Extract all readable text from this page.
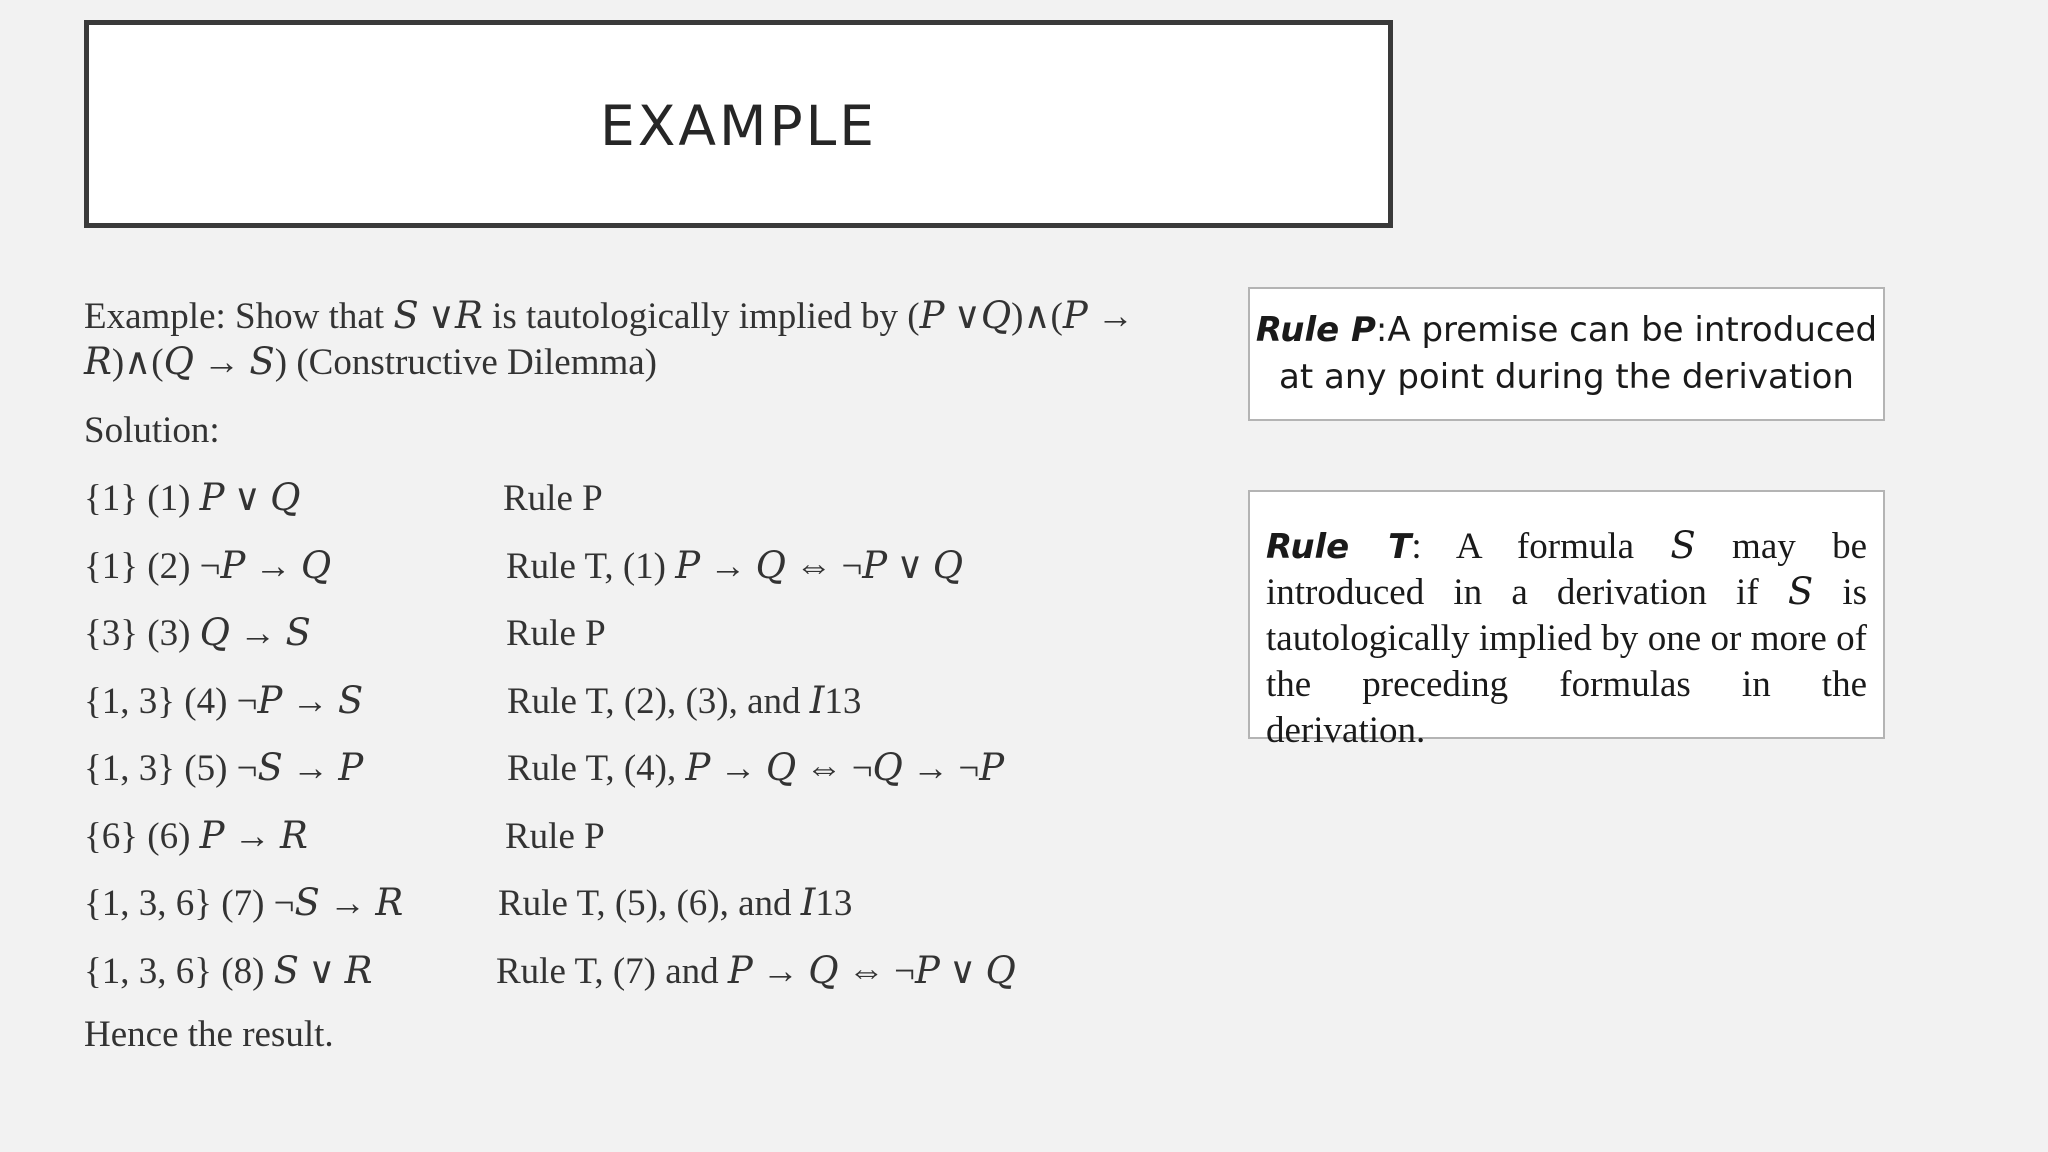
EXAMPLE
Example: Show that 𝑆 ∨𝑅 is tautologically implied by (𝑃 ∨𝑄)∧(𝑃 →
𝑅)∧(𝑄 → 𝑆) (Constructive Dilemma)
Solution:
{1} (1) 𝑃 ∨ 𝑄	Rule P
{1} (2) ¬𝑃 → 𝑄	Rule T, (1) 𝑃 → 𝑄 ⇔ ¬𝑃 ∨ 𝑄
{3} (3) 𝑄 → 𝑆	Rule P
{1, 3} (4) ¬𝑃 → 𝑆	Rule T, (2), (3), and 𝐼13
{1, 3} (5) ¬𝑆 → 𝑃	Rule T, (4), 𝑃 → 𝑄 ⇔ ¬𝑄 → ¬𝑃
{6} (6) 𝑃 → 𝑅	Rule P
{1, 3, 6} (7) ¬𝑆 → 𝑅	Rule T, (5), (6), and 𝐼13
{1, 3, 6} (8) 𝑆 ∨ 𝑅	Rule T, (7) and 𝑃 → 𝑄 ⇔ ¬𝑃 ∨ 𝑄
Hence the result.
Rule P:A premise can be introduced
at any point during the derivation
Rule T: A formula 𝑆 may be introduced in a derivation if 𝑆 is tautologically implied by one or more of the preceding formulas in the derivation.
